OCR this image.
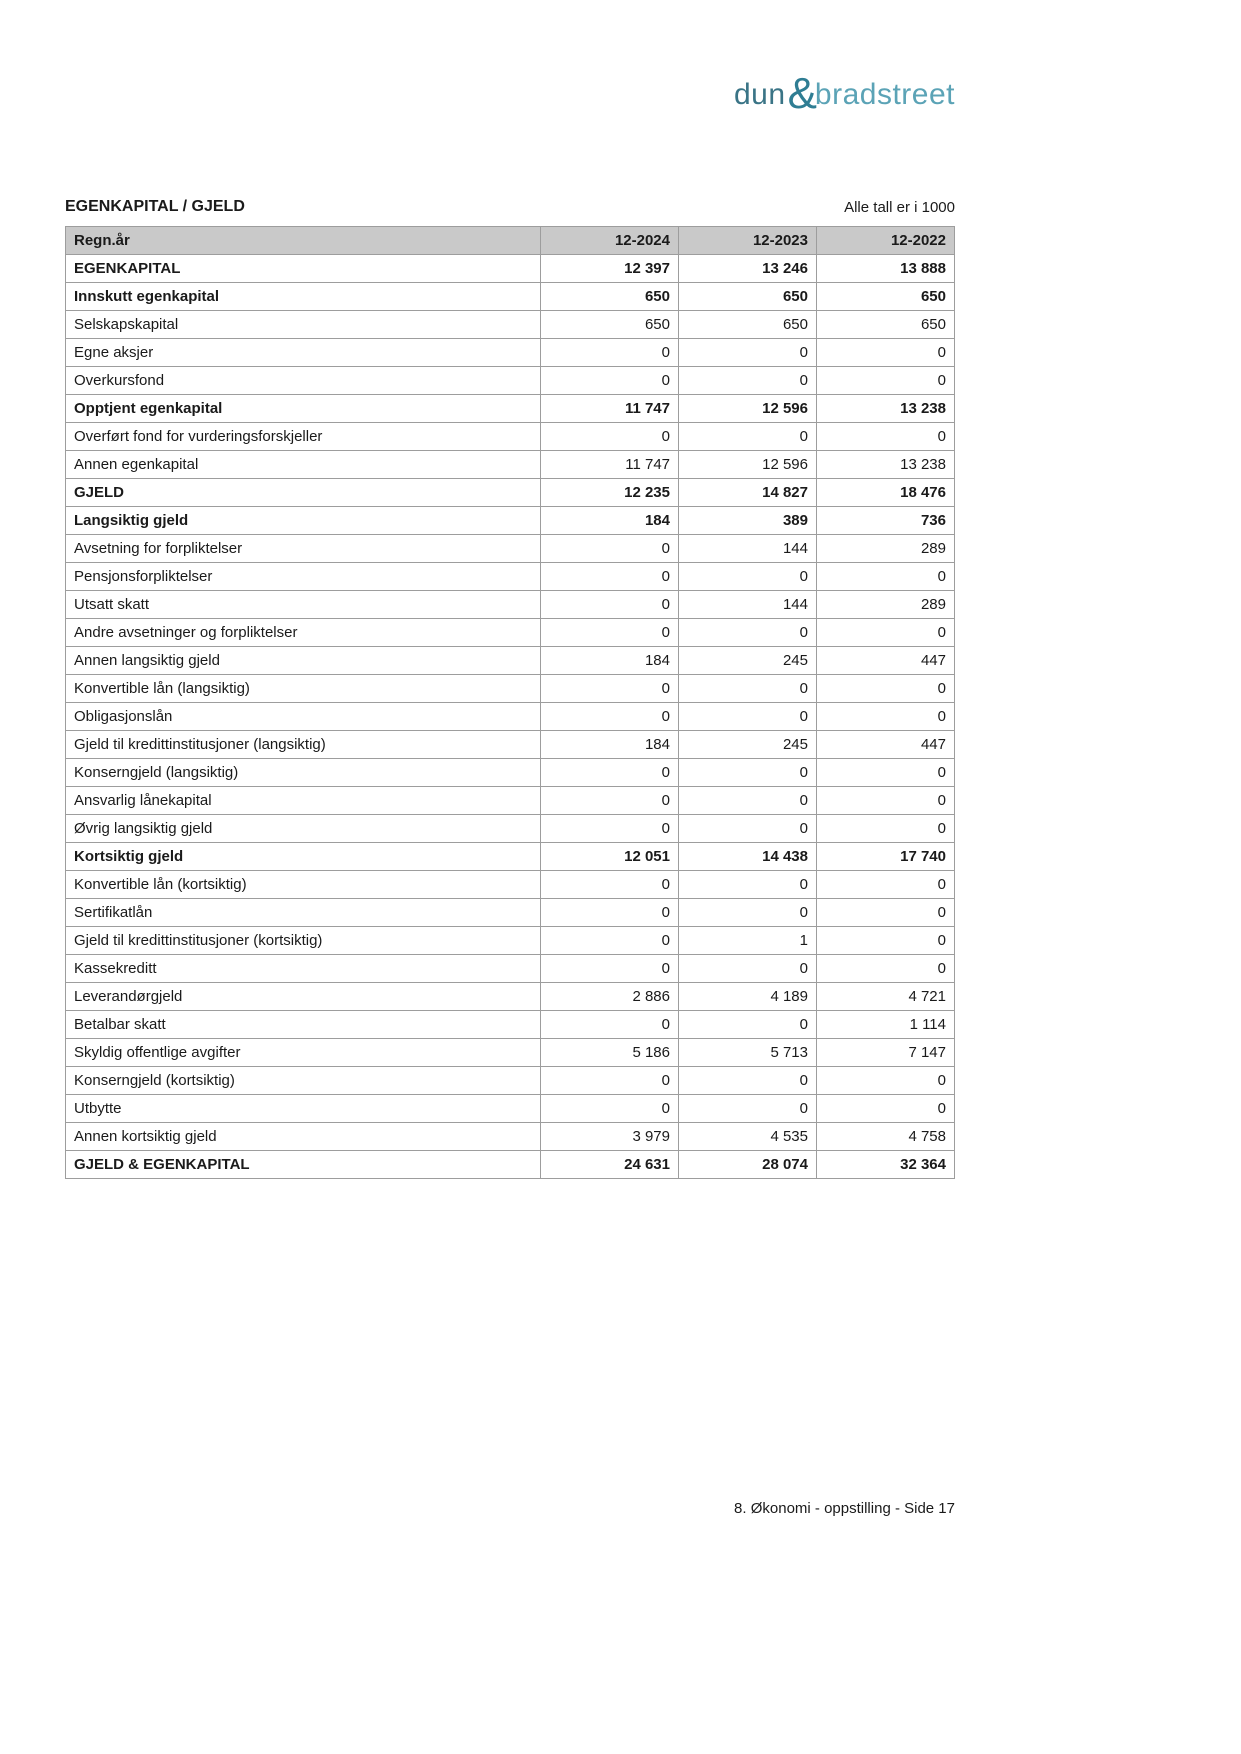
dun &
bradstreet
EGENKAPITAL / GJELD	Alle tall er i 1000
Regn.år	12-2024	12-2023	12-2022
EGENKAPITAL	12 397	13 246	13 888
Innskutt egenkapital	650	650	650
Selskapskapital	650	650	650
Egne aksjer	0	0	0
Overkursfond	0	0	0
Opptjent egenkapital	11 747	12 596	13 238
Overført fond for vurderingsforskjeller	0	0	0
Annen egenkapital	11 747	12 596	13 238
GJELD	12 235	14 827	18 476
Langsiktig gjeld	184	389	736
Avsetning for forpliktelser	0	144	289
Pensjonsforpliktelser	0	0	0
Utsatt skatt	0	144	289
Andre avsetninger og forpliktelser	0	0	0
Annen langsiktig gjeld	184	245	447
Konvertible lån (langsiktig)	0	0	0
Obligasjonslån	0	0	0
Gjeld til kredittinstitusjoner (langsiktig)	184	245	447
Konserngjeld (langsiktig)	0	0	0
Ansvarlig lånekapital	0	0	0
Øvrig langsiktig gjeld	0	0	0
Kortsiktig gjeld	12 051	14 438	17 740
Konvertible lån (kortsiktig)	0	0	0
Sertifikatlån	0	0	0
Gjeld til kredittinstitusjoner (kortsiktig)	0	1	0
Kassekreditt	0	0	0
Leverandørgjeld	2 886	4 189	4 721
Betalbar skatt	0	0	1 114
Skyldig offentlige avgifter	5 186	5 713	7 147
Konserngjeld (kortsiktig)	0	0	0
Utbytte	0	0	0
Annen kortsiktig gjeld	3 979	4 535	4 758
GJELD & EGENKAPITAL	24 631	28 074	32 364
8. Økonomi - oppstilling - Side 17
